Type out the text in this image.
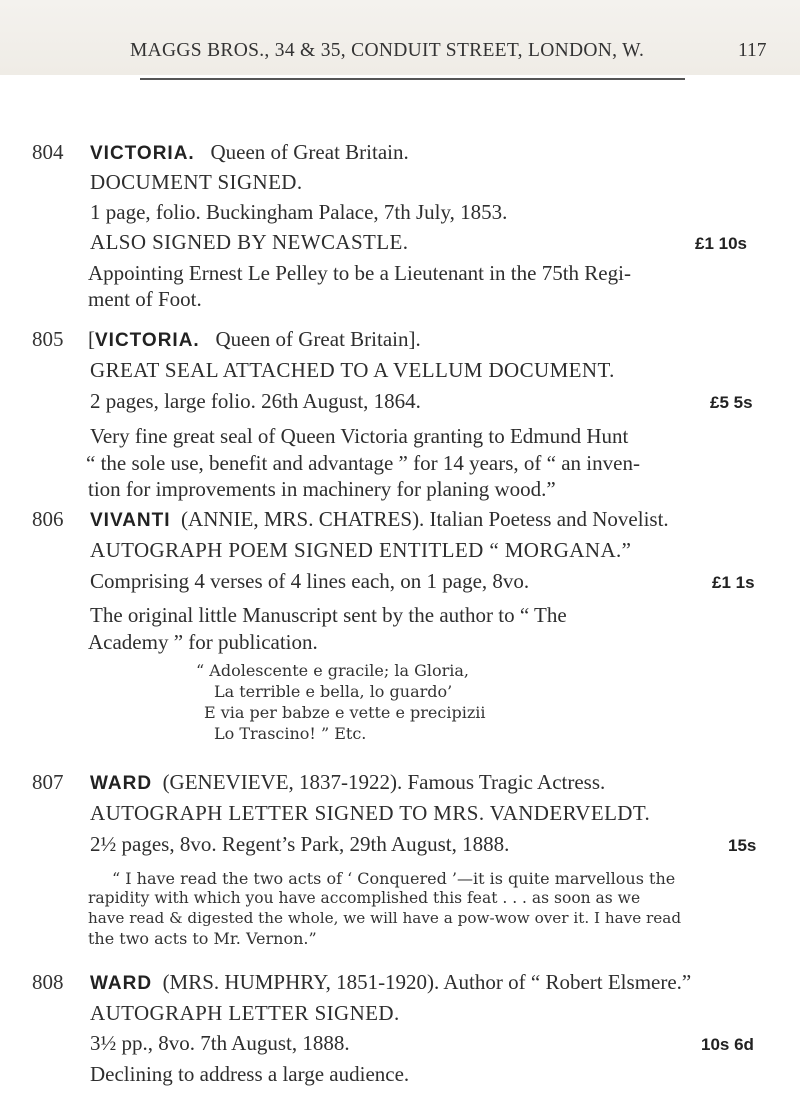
MAGGS BROS., 34 & 35, CONDUIT STREET, LONDON, W.	117
804 VICTORIA. Queen of Great Britain.
DOCUMENT SIGNED.
1 page, folio. Buckingham Palace, 7th July, 1853.
ALSO SIGNED BY NEWCASTLE.	£1 10s
Appointing Ernest Le Pelley to be a Lieutenant in the 75th Regi-
ment of Foot.
805 [VICTORIA. Queen of Great Britain].
GREAT SEAL ATTACHED TO A VELLUM DOCUMENT.
2 pages, large folio. 26th August, 1864.	£5 5s
Very fine great seal of Queen Victoria granting to Edmund Hunt
“ the sole use, benefit and advantage ” for 14 years, of “ an inven-
tion for improvements in machinery for planing wood.”
806 VIVANTI (ANNIE, MRS. CHATRES). Italian Poetess and Novelist.
AUTOGRAPH POEM SIGNED ENTITLED “ MORGANA.”
Comprising 4 verses of 4 lines each, on 1 page, 8vo.	£1 1s
The original little Manuscript sent by the author to “ The
Academy ” for publication.
“ Adolescente e gracile; la Gloria,
La terrible e bella, lo guardo’
E via per babze e vette e precipizii
Lo Trascino! ” Etc.
807 WARD (GENEVIEVE, 1837-1922). Famous Tragic Actress.
AUTOGRAPH LETTER SIGNED TO MRS. VANDERVELDT.
2½ pages, 8vo. Regent’s Park, 29th August, 1888.	15s
“ I have read the two acts of ‘ Conquered ’—it is quite marvellous the
rapidity with which you have accomplished this feat . . . as soon as we
have read & digested the whole, we will have a pow-wow over it. I have read
the two acts to Mr. Vernon.”
808 WARD (MRS. HUMPHRY, 1851-1920). Author of “ Robert Elsmere.”
AUTOGRAPH LETTER SIGNED.
3½ pp., 8vo. 7th August, 1888.	10s 6d
Declining to address a large audience.
